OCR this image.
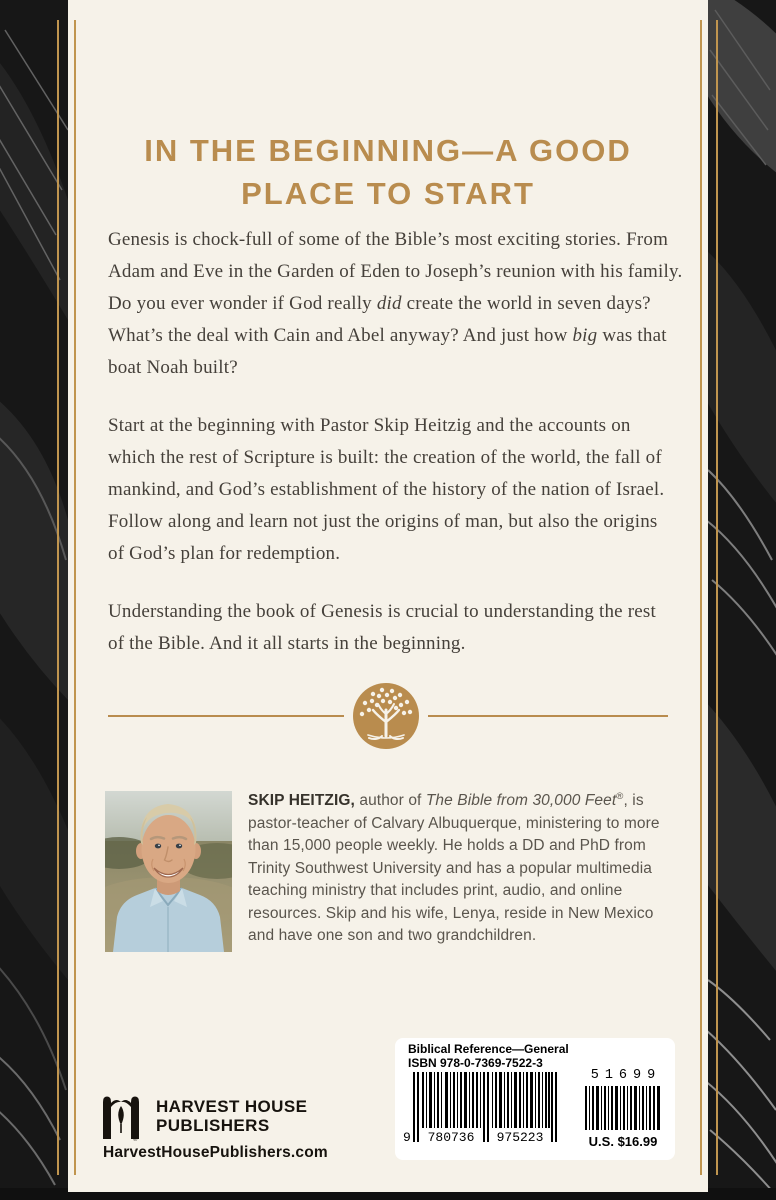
IN THE BEGINNING—A GOOD
PLACE TO START

Genesis is chock-full of some of the Bible’s most exciting stories. From
Adam and Eve in the Garden of Eden to Joseph’s reunion with his family.
Do you ever wonder if God really did create the world in seven days?
What’s the deal with Cain and Abel anyway? And just how big was that
boat Noah built?

Start at the beginning with Pastor Skip Heitzig and the accounts on
which the rest of Scripture is built: the creation of the world, the fall of
mankind, and God’s establishment of the history of the nation of Israel.
Follow along and learn not just the origins of man, but also the origins
of God’s plan for redemption.

Understanding the book of Genesis is crucial to understanding the rest
of the Bible. And it all starts in the beginning.

SKIP HEITZIG, author of The Bible from 30,000 Feet®, is
pastor-teacher of Calvary Albuquerque, ministering to more
than 15,000 people weekly. He holds a DD and PhD from
Trinity Southwest University and has a popular multimedia
teaching ministry that includes print, audio, and online
resources. Skip and his wife, Lenya, reside in New Mexico
and have one son and two grandchildren.
®
HARVEST HOUSE
PUBLISHERS
HarvestHousePublishers.com
Biblical Reference—General
ISBN 978-0-7369-7522-3
9	780736	975223
51699
U.S. $16.99
